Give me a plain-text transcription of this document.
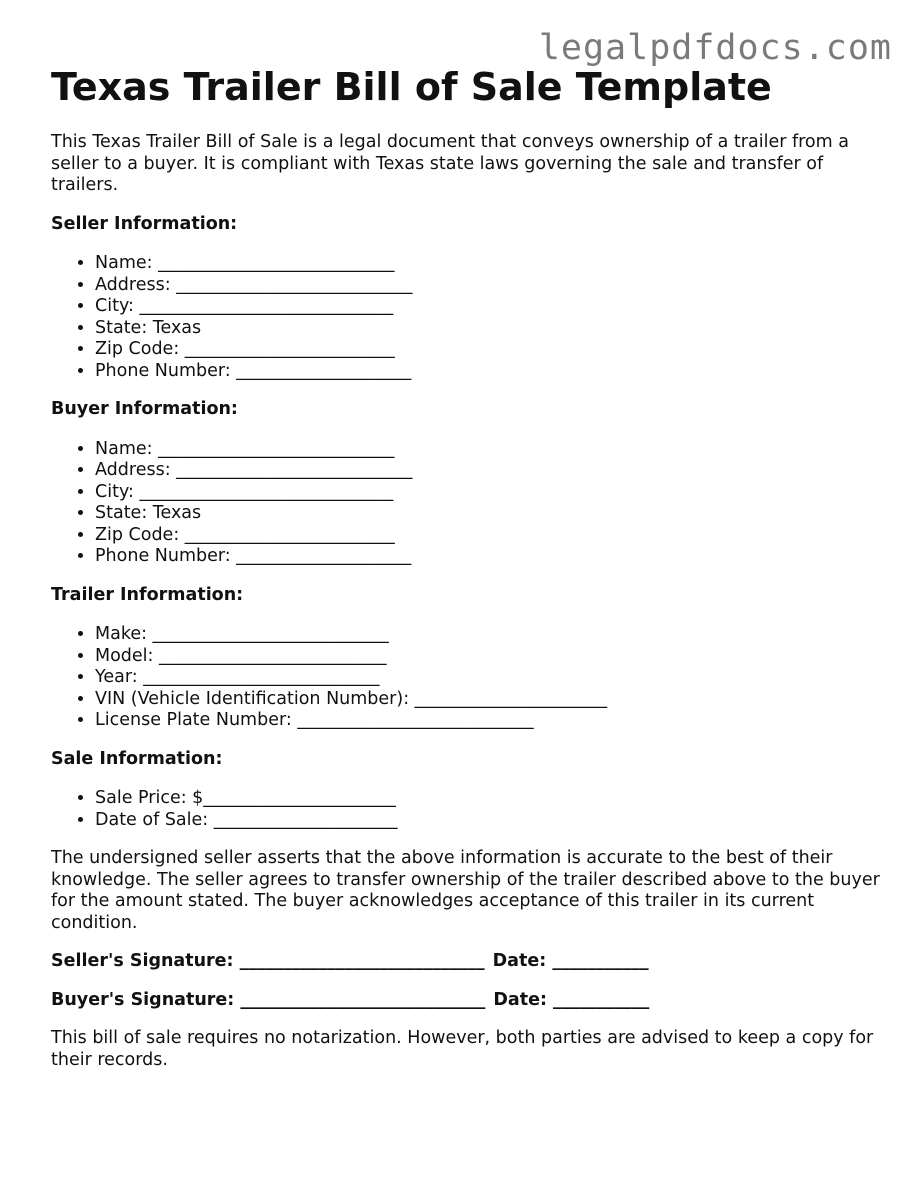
legalpdfdocs.com
Texas Trailer Bill of Sale Template

This Texas Trailer Bill of Sale is a legal document that conveys ownership of a trailer from a seller to a buyer. It is compliant with Texas state laws governing the sale and transfer of trailers.

Seller Information:
• Name: ___________________________
• Address: ___________________________
• City: _____________________________
• State: Texas
• Zip Code: ________________________
• Phone Number: ____________________
Buyer Information:
• Name: ___________________________
• Address: ___________________________
• City: _____________________________
• State: Texas
• Zip Code: ________________________
• Phone Number: ____________________
Trailer Information:
• Make: ___________________________
• Model: __________________________
• Year: ___________________________
• VIN (Vehicle Identification Number): ______________________
• License Plate Number: ___________________________
Sale Information:
• Sale Price: $______________________
• Date of Sale: _____________________

The undersigned seller asserts that the above information is accurate to the best of their knowledge. The seller agrees to transfer ownership of the trailer described above to the buyer for the amount stated. The buyer acknowledges acceptance of this trailer in its current condition.

Seller's Signature: ____________________________ Date: ___________
Buyer's Signature: ____________________________ Date: ___________

This bill of sale requires no notarization. However, both parties are advised to keep a copy for their records.
